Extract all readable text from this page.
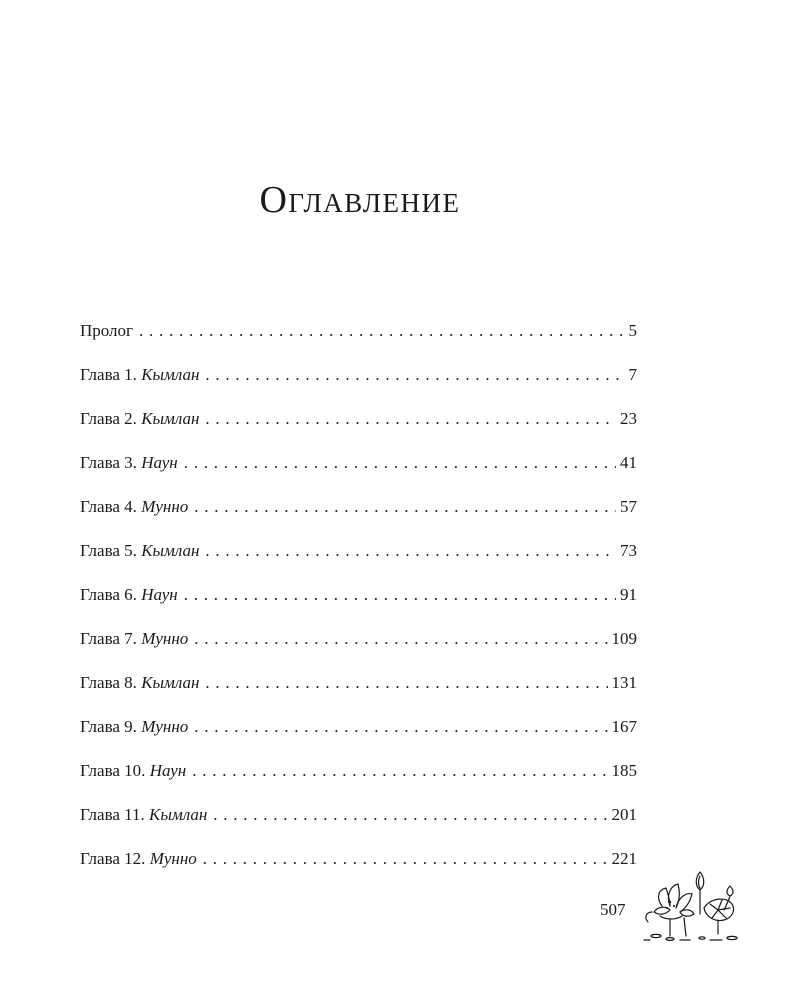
Оглавление
Пролог . . .	5
Глава 1. Кымлан . . .	7
Глава 2. Кымлан . . .	23
Глава 3. Наун . . .	41
Глава 4. Мунно . . .	57
Глава 5. Кымлан . . .	73
Глава 6. Наун . . .	91
Глава 7. Мунно . . .	109
Глава 8. Кымлан . . .	131
Глава 9. Мунно . . .	167
Глава 10. Наун . . .	185
Глава 11. Кымлан . . .	201
Глава 12. Мунно . . .	221
507
